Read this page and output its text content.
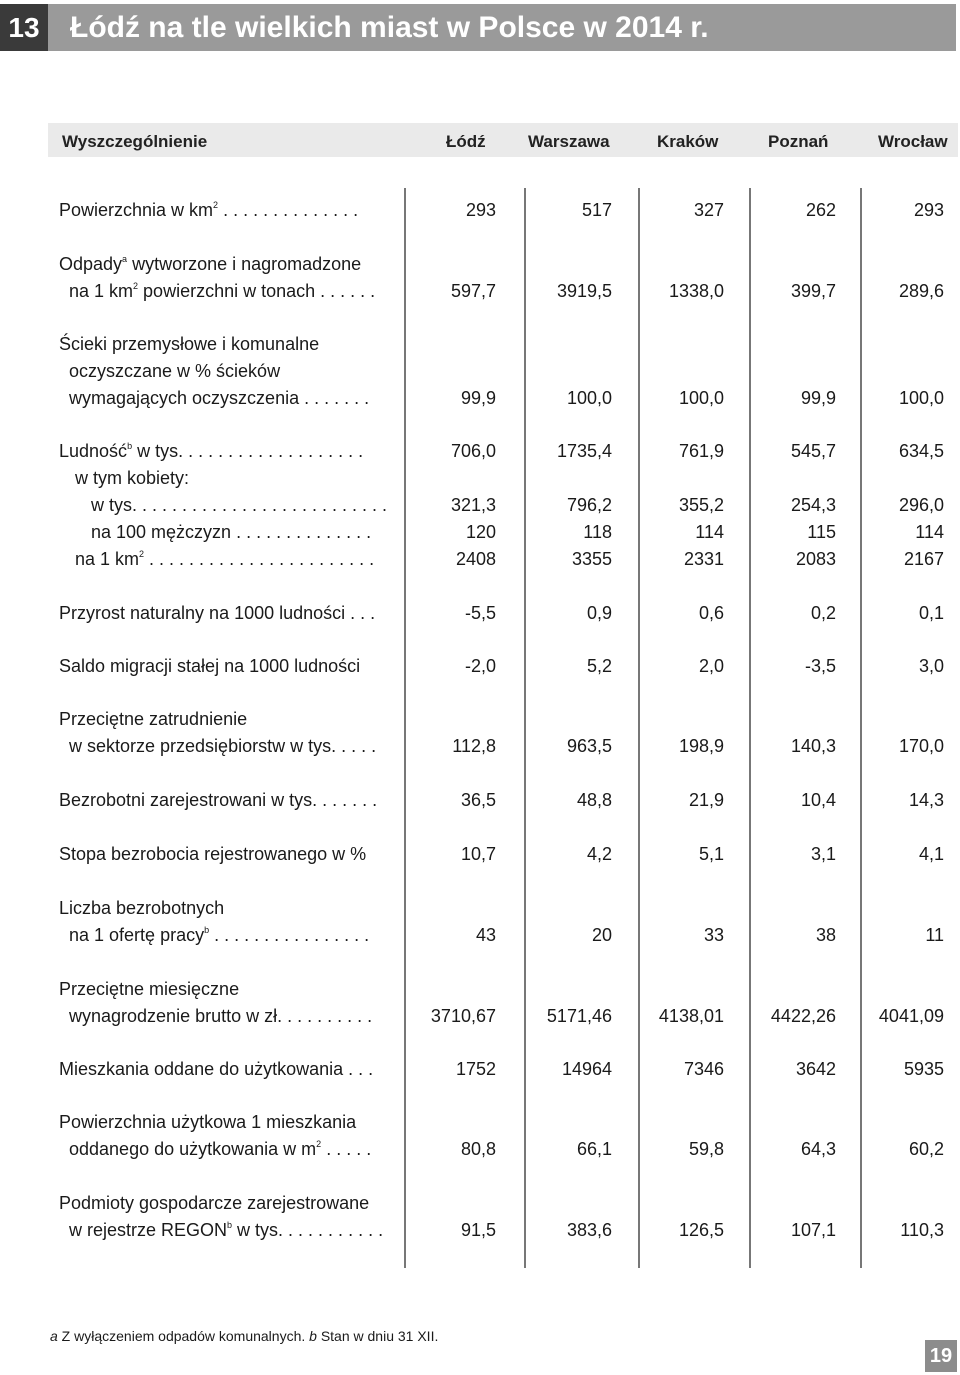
13 Łódź na tle wielkich miast w Polsce w 2014 r.
Wyszczególnienie	Łódź Warszawa	Kraków	Poznań	Wrocław
Powierzchnia w $km^2$ . . . . . . . . . . . . . .	293	517	327	262	293
Odpady$^a$ wytworzone i nagromadzone
na 1 $km^2$ powierzchni w tonach . . . . . .	597,7	3919,5	1338,0	399,7	289,6
Ścieki przemysłowe i komunalne
oczyszczane w % ścieków
wymagających oczyszczenia . . . . . . .	99,9	100,0	100,0	99,9	100,0
Ludność$^b$ w tys. . . . . . . . . . . . . . . . . . .	706,0	1735,4	761,9	545,7	634,5
w tym kobiety:
w tys. . . . . . . . . . . . . . . . . . . . . . . . . .	321,3	796,2	355,2	254,3	296,0
na 100 mężczyzn . . . . . . . . . . . . . .	120	118	114	115	114
na 1 $km^2$ . . . . . . . . . . . . . . . . . . . . . . .	2408	3355	2331	2083	2167
Przyrost naturalny na 1000 ludności . . .	-5,5	0,9	0,6	0,2	0,1
Saldo migracji stałej na 1000 ludności	-2,0	5,2	2,0	-3,5	3,0
Przeciętne zatrudnienie
w sektorze przedsiębiorstw w tys. . . . .	112,8	963,5	198,9	140,3	170,0
Bezrobotni zarejestrowani w tys. . . . . . .	36,5	48,8	21,9	10,4	14,3
Stopa bezrobocia rejestrowanego w %	10,7	4,2	5,1	3,1	4,1
Liczba bezrobotnych
na 1 ofertę pracy$^b$ . . . . . . . . . . . . . . . .	43	20	33	38	11
Przeciętne miesięczne
wynagrodzenie brutto w zł. . . . . . . . . .	3710,67	5171,46	4138,01	4422,26 4041,09
Mieszkania oddane do użytkowania . . .	1752	14964	7346	3642	5935
Powierzchnia użytkowa 1 mieszkania
oddanego do użytkowania w $m^2$ . . . . .	80,8	66,1	59,8	64,3	60,2
Podmioty gospodarcze zarejestrowane
w rejestrze REGON$^b$ w tys. . . . . . . . . . .	91,5	383,6	126,5	107,1	110,3
a Z wyłączeniem odpadów komunalnych. b Stan w dniu 31 XII.
19
